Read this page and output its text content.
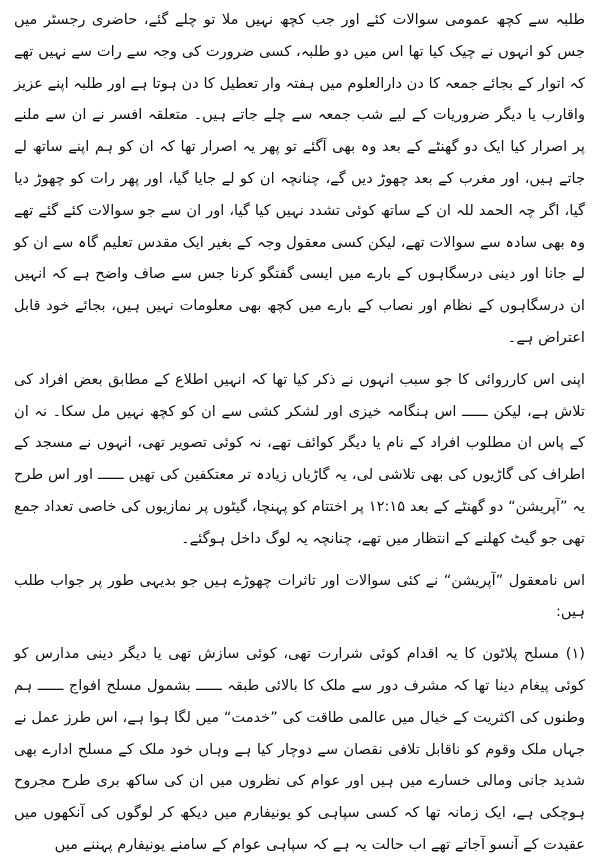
طلبہ سے کچھ عمومی سوالات کئے اور جب کچھ نہیں ملا تو چلے گئے، حاضری رجسٹر میں جس کو انہوں نے چیک کیا تھا اس میں دو طلبہ، کسی ضرورت کی وجہ سے رات سے نہیں تھے کہ اتوار کے بجائے جمعہ کا دن دارالعلوم میں ہفتہ وار تعطیل کا دن ہوتا ہے اور طلبہ اپنے عزیز واقارب یا دیگر ضروریات کے لیے شب جمعہ سے چلے جاتے ہیں۔ متعلقہ افسر نے ان سے ملنے پر اصرار کیا ایک دو گھنٹے کے بعد وہ بھی آگئے تو پھر یہ اصرار تھا کہ ان کو ہم اپنے ساتھ لے جاتے ہیں، اور مغرب کے بعد چھوڑ دیں گے، چنانچہ ان کو لے جایا گیا، اور پھر رات کو چھوڑ دیا گیا، اگر چہ الحمد للہ ان کے ساتھ کوئی تشدد نہیں کیا گیا، اور ان سے جو سوالات کئے گئے تھے وہ بھی سادہ سے سوالات تھے، لیکن کسی معقول وجہ کے بغیر ایک مقدس تعلیم گاہ سے ان کو لے جانا اور دینی درسگاہوں کے بارے میں ایسی گفتگو کرنا جس سے صاف واضح ہے کہ انہیں ان درسگاہوں کے نظام اور نصاب کے بارے میں کچھ بھی معلومات نہیں ہیں، بجائے خود قابل اعتراض ہے۔

اپنی اس کارروائی کا جو سبب انہوں نے ذکر کیا تھا کہ انہیں اطلاع کے مطابق بعض افراد کی تلاش ہے، لیکن ــــــ اس ہنگامہ خیزی اور لشکر کشی سے ان کو کچھ نہیں مل سکا۔ نہ ان کے پاس ان مطلوب افراد کے نام یا دیگر کوائف تھے، نہ کوئی تصویر تھی، انہوں نے مسجد کے اطراف کی گاڑیوں کی بھی تلاشی لی، یہ گاڑیاں زیادہ تر معتکفین کی تھیں ــــــ اور اس طرح یہ ”آپریشن“ دو گھنٹے کے بعد ۱۲:۱۵ پر اختتام کو پہنچا، گیٹوں پر نمازیوں کی خاصی تعداد جمع تھی جو گیٹ کھلنے کے انتظار میں تھے، چنانچہ یہ لوگ داخل ہوگئے۔

اس نامعقول ”آپریشن“ نے کئی سوالات اور تاثرات چھوڑے ہیں جو بدیہی طور پر جواب طلب ہیں:

(۱) مسلح پلاٹون کا یہ اقدام کوئی شرارت تھی، کوئی سازش تھی یا دیگر دینی مدارس کو کوئی پیغام دینا تھا کہ مشرف دور سے ملک کا بالائی طبقہ ــــــ بشمول مسلح افواج ــــــ ہم وطنوں کی اکثریت کے خیال میں عالمی طاقت کی ”خدمت“ میں لگا ہوا ہے، اس طرز عمل نے جہاں ملک وقوم کو ناقابل تلافی نقصان سے دوچار کیا ہے وہاں خود ملک کے مسلح ادارے بھی شدید جانی ومالی خسارے میں ہیں اور عوام کی نظروں میں ان کی ساکھ بری طرح مجروح ہوچکی ہے، ایک زمانہ تھا کہ کسی سپاہی کو یونیفارم میں دیکھ کر لوگوں کی آنکھوں میں عقیدت کے آنسو آجاتے تھے اب حالت یہ ہے کہ سپاہی عوام کے سامنے یونیفارم پہننے میں
